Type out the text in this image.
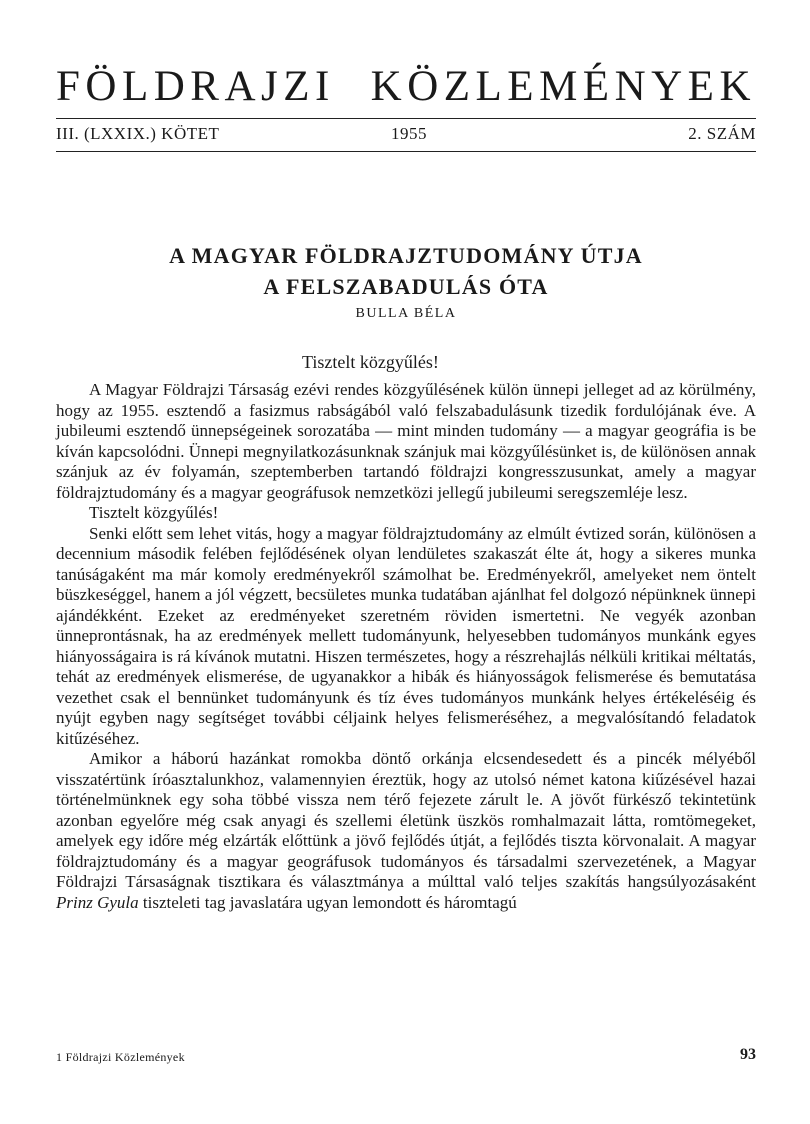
FÖLDRAJZI KÖZLEMÉNYEK
III. (LXXIX.) KÖTET	1955	2. SZÁM
A MAGYAR FÖLDRAJZTUDOMÁNY ÚTJA
A FELSZABADULÁS ÓTA
BULLA BÉLA
Tisztelt közgyűlés!

A Magyar Földrajzi Társaság ezévi rendes közgyűlésének külön ünnepi jelleget ad az körülmény, hogy az 1955. esztendő a fasizmus rabságából való felszabadulásunk tizedik fordulójának éve. A jubileumi esztendő ünnepségeinek sorozatába — mint minden tudomány — a magyar geográfia is be kíván kapcsolódni. Ünnepi megnyilatkozásunknak szánjuk mai közgyűlésünket is, de különösen annak szánjuk az év folyamán, szeptemberben tartandó földrajzi kongresszusunkat, amely a magyar földrajztudomány és a magyar geográfusok nemzetközi jellegű jubileumi seregszemléje lesz.

Tisztelt közgyűlés!

Senki előtt sem lehet vitás, hogy a magyar földrajztudomány az elmúlt évtized során, különösen a decennium második felében fejlődésének olyan lendületes szakaszát élte át, hogy a sikeres munka tanúságaként ma már komoly eredményekről számolhat be. Eredményekről, amelyeket nem öntelt büszkeséggel, hanem a jól végzett, becsületes munka tudatában ajánlhat fel dolgozó népünknek ünnepi ajándékként. Ezeket az eredményeket szeretném röviden ismertetni. Ne vegyék azonban ünneprontásnak, ha az eredmények mellett tudományunk, helyesebben tudományos munkánk egyes hiányosságaira is rá kívánok mutatni. Hiszen természetes, hogy a részrehajlás nélküli kritikai méltatás, tehát az eredmények elismerése, de ugyanakkor a hibák és hiányosságok felismerése és bemutatása vezethet csak el bennünket tudományunk és tíz éves tudományos munkánk helyes értékeléséig és nyújt egyben nagy segítséget további céljaink helyes felismeréséhez, a megvalósítandó feladatok kitűzéséhez.

Amikor a háború hazánkat romokba döntő orkánja elcsendesedett és a pincék mélyéből visszatértünk íróasztalunkhoz, valamennyien éreztük, hogy az utolsó német katona kiűzésével hazai történelmünknek egy soha többé vissza nem térő fejezete zárult le. A jövőt fürkésző tekintetünk azonban egyelőre még csak anyagi és szellemi életünk üszkös romhalmazait látta, romtömegeket, amelyek egy időre még elzárták előttünk a jövő fejlődés útját, a fejlődés tiszta körvonalait. A magyar földrajztudomány és a magyar geográfusok tudományos és társadalmi szervezetének, a Magyar Földrajzi Társaságnak tisztikara és választmánya a múlttal való teljes szakítás hangsúlyozásaként Prinz Gyula tiszteleti tag javaslatára ugyan lemondott és háromtagú

1 Földrajzi Közlemények	93
